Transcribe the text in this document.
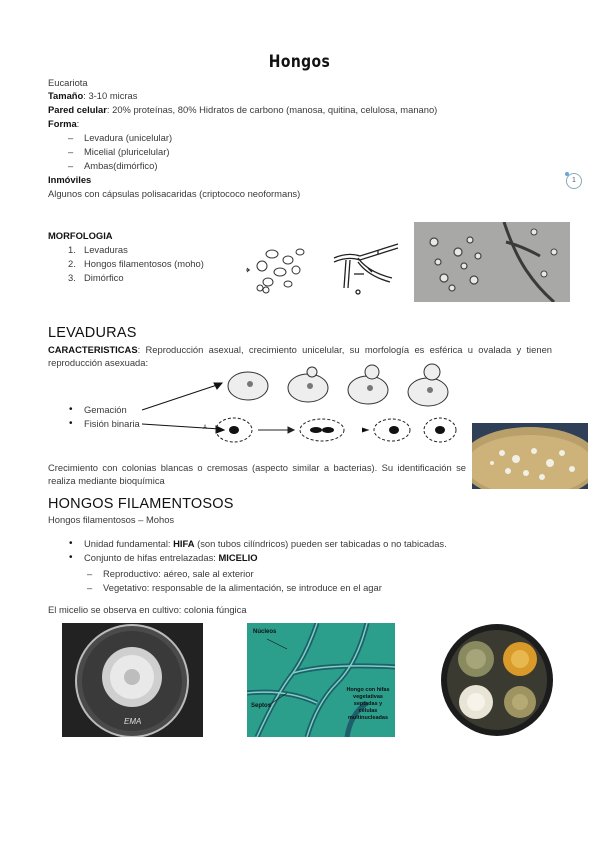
Hongos
Eucariota
Tamaño: 3-10 micras
Pared celular: 20% proteínas, 80% Hidratos de carbono (manosa, quitina, celulosa, manano)
Forma:
– Levadura (unicelular)
– Micelial (pluricelular)
– Ambas(dimórfico)
Inmóviles
Algunos con cápsulas polisacaridas (criptococo neoformans)
1
MORFOLOGIA
1. Levaduras
2. Hongos filamentosos (moho)
3. Dimórfico
LEVADURAS
CARACTERISTICAS: Reproducción asexual, crecimiento unicelular, su morfología es esférica u ovalada y tienen reproducción asexuada:
• Gemación
• Fisión binaria	A
Crecimiento con colonias blancas o cremosas (aspecto similar a bacterias). Su identificación se realiza mediante bioquímica
HONGOS FILAMENTOSOS
Hongos filamentosos – Mohos
• Unidad fundamental: HIFA (son tubos cilíndricos) pueden ser tabicadas o no tabicadas.
• Conjunto de hifas entrelazadas: MICELIO
– Reproductivo: aéreo, sale al exterior
– Vegetativo: responsable de la alimentación, se introduce en el agar
El micelio se observa en cultivo: colonia fúngica
EMA
Núcleos
Septos
Hongo con hifas vegetativas septadas y células multinucleadas
